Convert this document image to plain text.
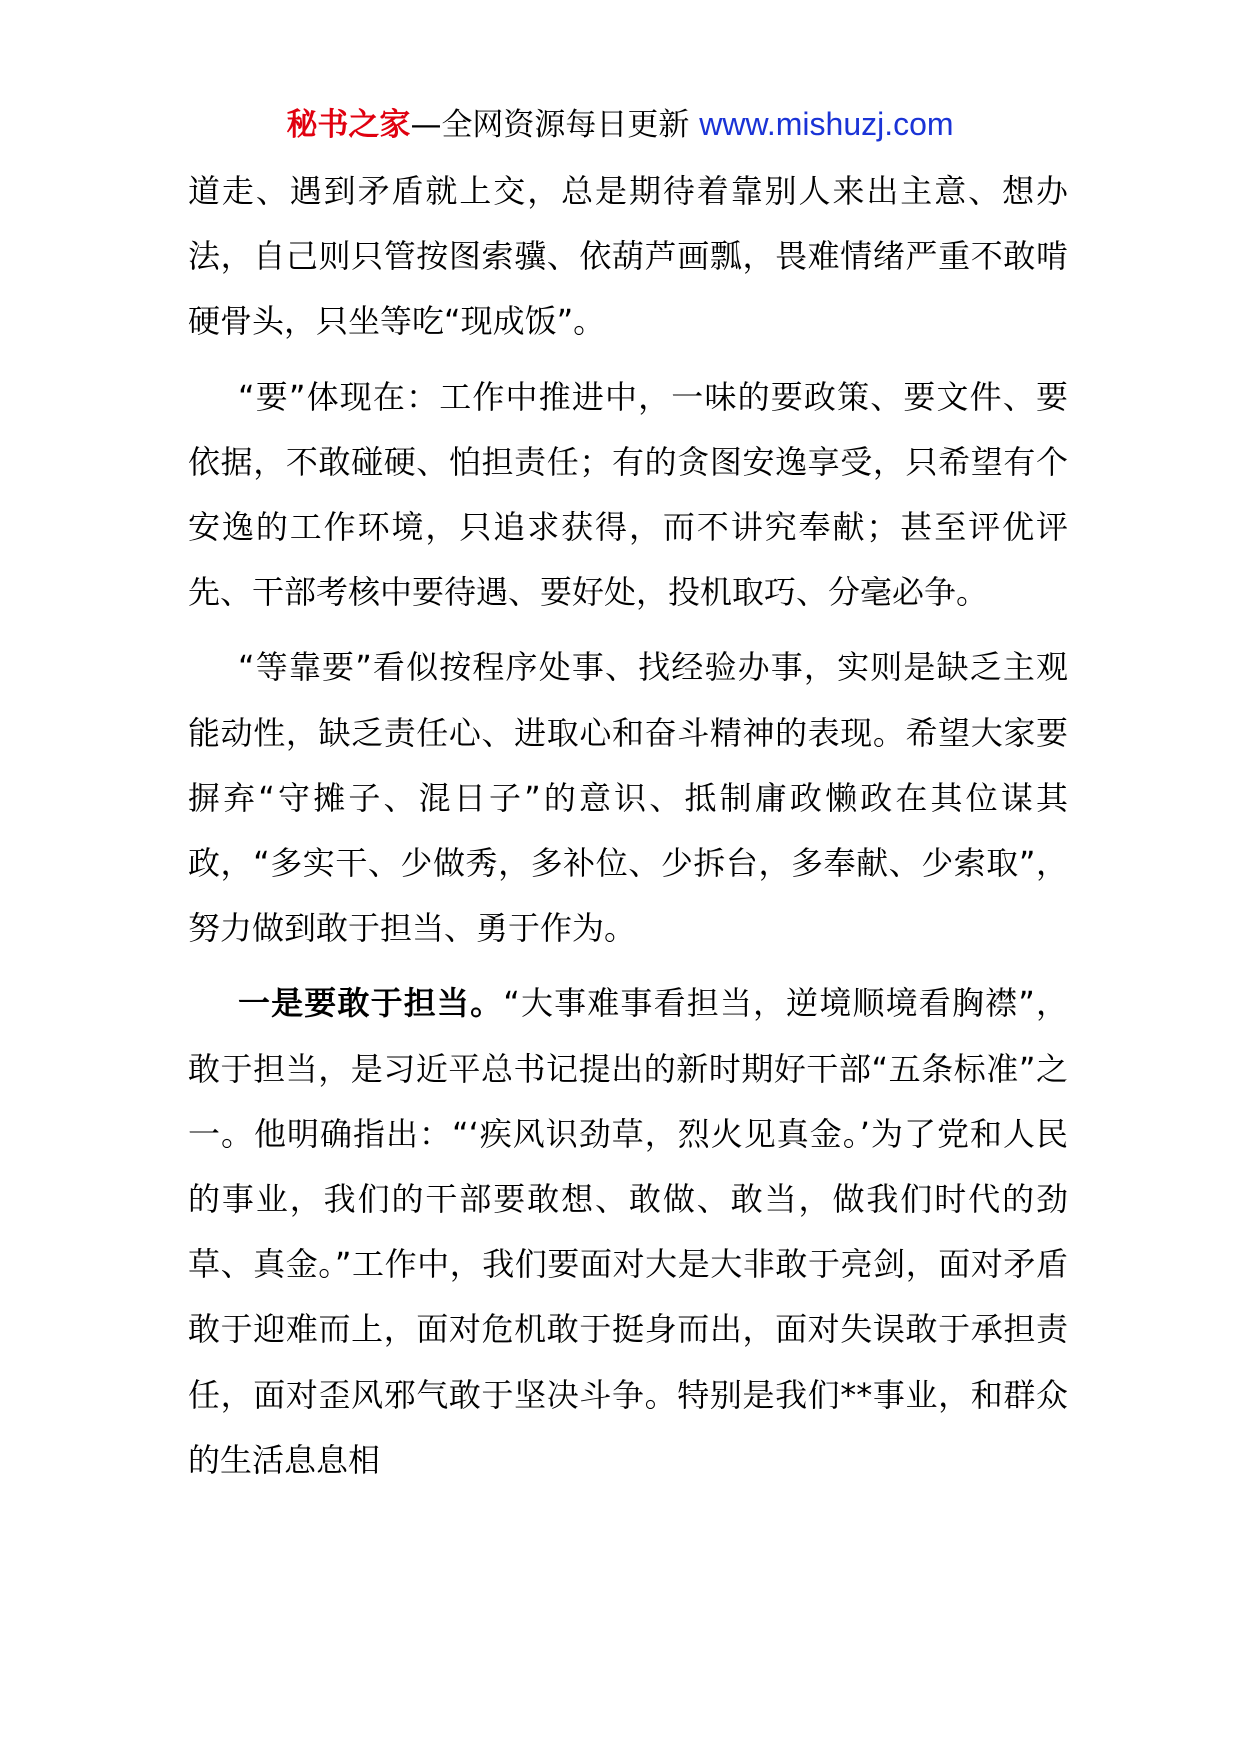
秘书之家—全网资源每日更新 www.mishuzj.com

道走、遇到矛盾就上交，总是期待着靠别人来出主意、想办法，自己则只管按图索骥、依葫芦画瓢，畏难情绪严重不敢啃硬骨头，只坐等吃“现成饭”。

“要”体现在：工作中推进中，一味的要政策、要文件、要依据，不敢碰硬、怕担责任；有的贪图安逸享受，只希望有个安逸的工作环境，只追求获得，而不讲究奉献；甚至评优评先、干部考核中要待遇、要好处，投机取巧、分毫必争。

“等靠要”看似按程序处事、找经验办事，实则是缺乏主观能动性，缺乏责任心、进取心和奋斗精神的表现。希望大家要摒弃“守摊子、混日子”的意识、抵制庸政懒政在其位谋其政，“多实干、少做秀，多补位、少拆台，多奉献、少索取”，努力做到敢于担当、勇于作为。

一是要敢于担当。“大事难事看担当，逆境顺境看胸襟”，敢于担当，是习近平总书记提出的新时期好干部“五条标准”之一。他明确指出：“‘疾风识劲草，烈火见真金。’为了党和人民的事业，我们的干部要敢想、敢做、敢当，做我们时代的劲草、真金。”工作中，我们要面对大是大非敢于亮剑，面对矛盾敢于迎难而上，面对危机敢于挺身而出，面对失误敢于承担责任，面对歪风邪气敢于坚决斗争。特别是我们**事业，和群众的生活息息相
